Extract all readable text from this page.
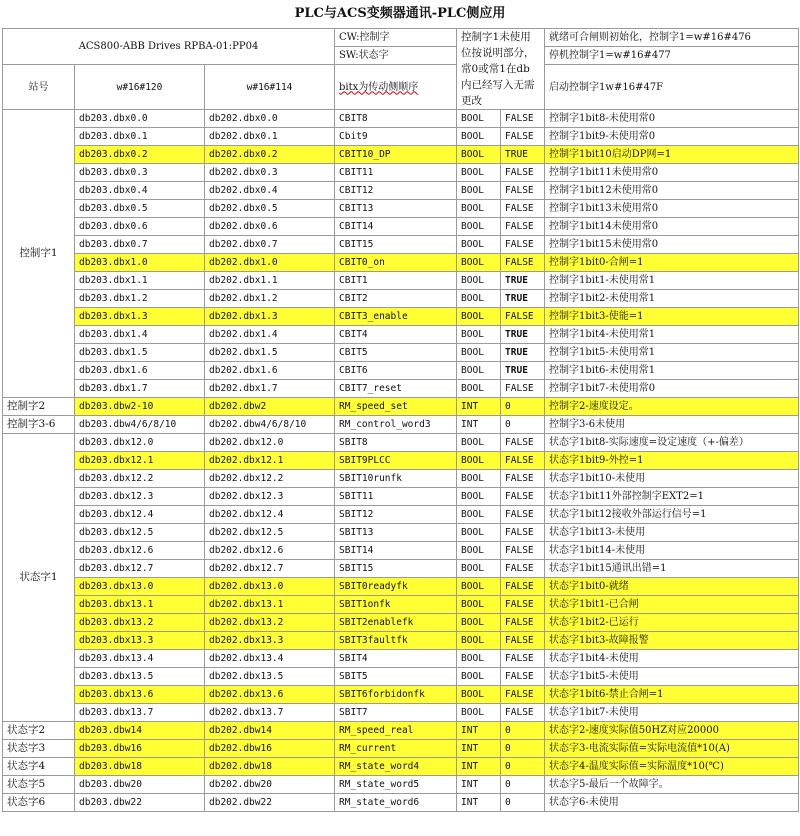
PLC与ACS变频器通讯-PLC侧应用
ACS800-ABB Drives RPBA-01:PP04			CW:控制字	控制字1未使用位按说明部分，常0或常1在db内已经写入无需更改		就绪可合闸则初始化，控制字1=w#16#476
			SW:状态字			停机控制字1=w#16#477
站号	w#16#120	w#16#114	bitx为传动侧顺序			启动控制字1w#16#47F

控制字1	db203.dbx0.0	db202.dbx0.0	CBIT8	BOOL	FALSE	控制字1bit8-未使用常0
	db203.dbx0.1	db202.dbx0.1	Cbit9	BOOL	FALSE	控制字1bit9-未使用常0
	db203.dbx0.2	db202.dbx0.2	CBIT10_DP	BOOL	TRUE	控制字1bit10启动DP网=1
	db203.dbx0.3	db202.dbx0.3	CBIT11	BOOL	FALSE	控制字1bit11未使用常0
	db203.dbx0.4	db202.dbx0.4	CBIT12	BOOL	FALSE	控制字1bit12未使用常0
	db203.dbx0.5	db202.dbx0.5	CBIT13	BOOL	FALSE	控制字1bit13未使用常0
	db203.dbx0.6	db202.dbx0.6	CBIT14	BOOL	FALSE	控制字1bit14未使用常0
	db203.dbx0.7	db202.dbx0.7	CBIT15	BOOL	FALSE	控制字1bit15未使用常0
	db203.dbx1.0	db202.dbx1.0	CBIT0_on	BOOL	FALSE	控制字1bit0-合闸=1
	db203.dbx1.1	db202.dbx1.1	CBIT1	BOOL	TRUE	控制字1bit1-未使用常1
	db203.dbx1.2	db202.dbx1.2	CBIT2	BOOL	TRUE	控制字1bit2-未使用常1
	db203.dbx1.3	db202.dbx1.3	CBIT3_enable	BOOL	FALSE	控制字1bit3-使能=1
	db203.dbx1.4	db202.dbx1.4	CBIT4	BOOL	TRUE	控制字1bit4-未使用常1
	db203.dbx1.5	db202.dbx1.5	CBIT5	BOOL	TRUE	控制字1bit5-未使用常1
	db203.dbx1.6	db202.dbx1.6	CBIT6	BOOL	TRUE	控制字1bit6-未使用常1
	db203.dbx1.7	db202.dbx1.7	CBIT7_reset	BOOL	FALSE	控制字1bit7-未使用常0
控制字2	db203.dbw2-10	db202.dbw2	RM_speed_set	INT	0	控制字2-速度设定。
控制字3-6	db203.dbw4/6/8/10	db202.dbw4/6/8/10	RM_control_word3	INT	0	控制字3-6未使用
状态字1	db203.dbx12.0	db202.dbx12.0	SBIT8	BOOL	FALSE	状态字1bit8-实际速度=设定速度（+-偏差）
	db203.dbx12.1	db202.dbx12.1	SBIT9PLCC	BOOL	FALSE	状态字1bit9-外控=1
	db203.dbx12.2	db202.dbx12.2	SBIT10runfk	BOOL	FALSE	状态字1bit10-未使用
	db203.dbx12.3	db202.dbx12.3	SBIT11	BOOL	FALSE	状态字1bit11外部控制字EXT2=1
	db203.dbx12.4	db202.dbx12.4	SBIT12	BOOL	FALSE	状态字1bit12接收外部运行信号=1
	db203.dbx12.5	db202.dbx12.5	SBIT13	BOOL	FALSE	状态字1bit13-未使用
	db203.dbx12.6	db202.dbx12.6	SBIT14	BOOL	FALSE	状态字1bit14-未使用
	db203.dbx12.7	db202.dbx12.7	SBIT15	BOOL	FALSE	状态字1bit15通讯出错=1
	db203.dbx13.0	db202.dbx13.0	SBIT0readyfk	BOOL	FALSE	状态字1bit0-就绪
	db203.dbx13.1	db202.dbx13.1	SBIT1onfk	BOOL	FALSE	状态字1bit1-已合闸
	db203.dbx13.2	db202.dbx13.2	SBIT2enablefk	BOOL	FALSE	状态字1bit2-已运行
	db203.dbx13.3	db202.dbx13.3	SBIT3faultfk	BOOL	FALSE	状态字1bit3-故障报警
	db203.dbx13.4	db202.dbx13.4	SBIT4	BOOL	FALSE	状态字1bit4-未使用
	db203.dbx13.5	db202.dbx13.5	SBIT5	BOOL	FALSE	状态字1bit5-未使用
	db203.dbx13.6	db202.dbx13.6	SBIT6forbidonfk	BOOL	FALSE	状态字1bit6-禁止合闸=1
	db203.dbx13.7	db202.dbx13.7	SBIT7	BOOL	FALSE	状态字1bit7-未使用
状态字2	db203.dbw14	db202.dbw14	RM_speed_real	INT	0	状态字2-速度实际值50HZ对应20000
状态字3	db203.dbw16	db202.dbw16	RM_current	INT	0	状态字3-电流实际值=实际电流值*10(A)
状态字4	db203.dbw18	db202.dbw18	RM_state_word4	INT	0	状态字4-温度实际值=实际温度*10(℃)
状态字5	db203.dbw20	db202.dbw20	RM_state_word5	INT	0	状态字5-最后一个故障字。
状态字6	db203.dbw22	db202.dbw22	RM_state_word6	INT	0	状态字6-未使用
